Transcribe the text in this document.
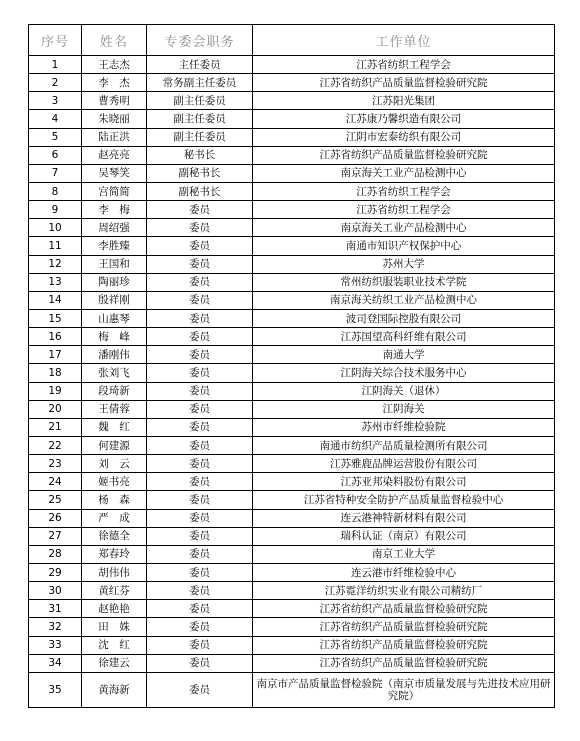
序号	姓名	专委会职务	工作单位
1	王志杰	主任委员	江苏省纺织工程学会
2	李　杰	常务副主任委员	江苏省纺织产品质量监督检验研究院
3	曹秀明	副主任委员	江苏阳光集团
4	朱晓丽	副主任委员	江苏康乃馨织造有限公司
5	陆正洪	副主任委员	江阴市宏泰纺织有限公司
6	赵亮亮	秘书长	江苏省纺织产品质量监督检验研究院
7	吴琴笑	副秘书长	南京海关工业产品检测中心
8	宫简简	副秘书长	江苏省纺织工程学会
9	李　梅	委员	江苏省纺织工程学会
10	周绍强	委员	南京海关工业产品检测中心
11	李胜臻	委员	南通市知识产权保护中心
12	王国和	委员	苏州大学
13	陶丽珍	委员	常州纺织服装职业技术学院
14	殷祥刚	委员	南京海关纺织工业产品检测中心
15	山惠琴	委员	波司登国际控股有限公司
16	梅　峰	委员	江苏国望高科纤维有限公司
17	潘刚伟	委员	南通大学
18	张刘飞	委员	江阴海关综合技术服务中心
19	段琦新	委员	江阴海关（退休）
20	王倩蓉	委员	江阴海关
21	魏　红	委员	苏州市纤维检验院
22	何建源	委员	南通市纺织产品质量检测所有限公司
23	刘　云	委员	江苏雅鹿品牌运营股份有限公司
24	姬书亮	委员	江苏亚邦染料股份有限公司
25	杨　森	委员	江苏省特种安全防护产品质量监督检验中心
26	严　成	委员	连云港神特新材料有限公司
27	徐德全	委员	瑞科认证（南京）有限公司
28	郑春玲	委员	南京工业大学
29	胡伟伟	委员	连云港市纤维检验中心
30	黄红芬	委员	江苏霓洋纺织实业有限公司精纺厂
31	赵艳艳	委员	江苏省纺织产品质量监督检验研究院
32	田　姝	委员	江苏省纺织产品质量监督检验研究院
33	沈　红	委员	江苏省纺织产品质量监督检验研究院
34	徐建云	委员	江苏省纺织产品质量监督检验研究院
35	黄海新	委员	南京市产品质量监督检验院（南京市质量发展与先进技术应用研究院）
